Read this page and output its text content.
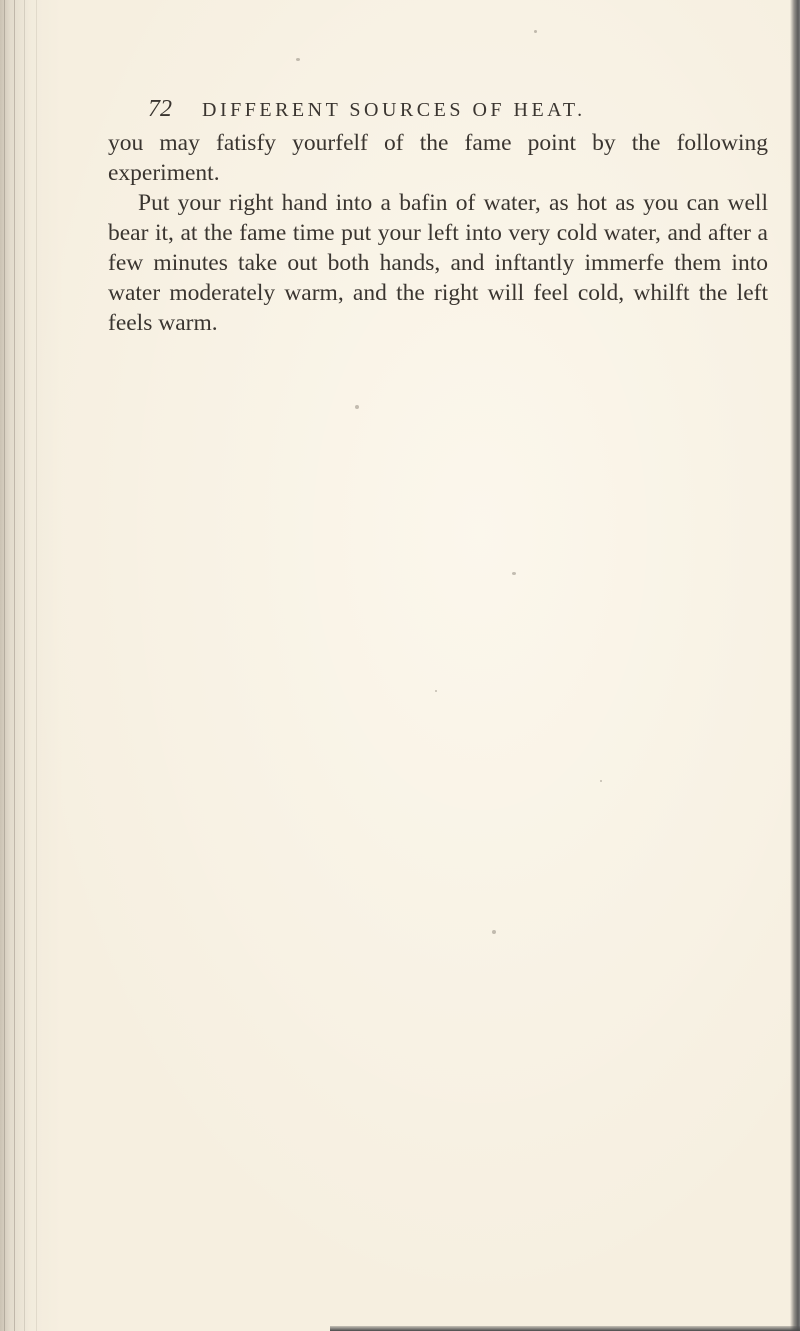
72 DIFFERENT SOURCES OF HEAT.

you may fatisfy yourfelf of the fame point by the following experiment.

Put your right hand into a bafin of water, as hot as you can well bear it, at the fame time put your left into very cold water, and after a few minutes take out both hands, and inftantly immerfe them into water moderately warm, and the right will feel cold, whilft the left feels warm.
